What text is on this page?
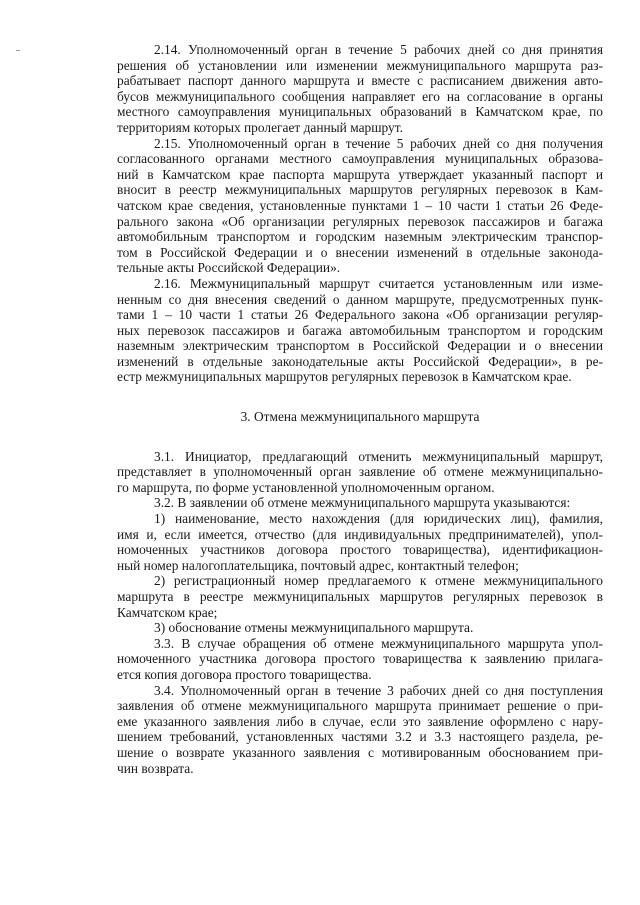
2.14. Уполномоченный орган в течение 5 рабочих дней со дня принятия
решения об установлении или изменении межмуниципального маршрута раз-
рабатывает паспорт данного маршрута и вместе с расписанием движения авто-
бусов межмуниципального сообщения направляет его на согласование в органы
местного самоуправления муниципальных образований в Камчатском крае, по
территориям которых пролегает данный маршрут.
2.15. Уполномоченный орган в течение 5 рабочих дней со дня получения
согласованного органами местного самоуправления муниципальных образова-
ний в Камчатском крае паспорта маршрута утверждает указанный паспорт и
вносит в реестр межмуниципальных маршрутов регулярных перевозок в Кам-
чатском крае сведения, установленные пунктами 1 – 10 части 1 статьи 26 Феде-
рального закона «Об организации регулярных перевозок пассажиров и багажа
автомобильным транспортом и городским наземным электрическим транспор-
том в Российской Федерации и о внесении изменений в отдельные законода-
тельные акты Российской Федерации».
2.16. Межмуниципальный маршрут считается установленным или изме-
ненным со дня внесения сведений о данном маршруте, предусмотренных пунк-
тами 1 – 10 части 1 статьи 26 Федерального закона «Об организации регуляр-
ных перевозок пассажиров и багажа автомобильным транспортом и городским
наземным электрическим транспортом в Российской Федерации и о внесении
изменений в отдельные законодательные акты Российской Федерации», в ре-
естр межмуниципальных маршрутов регулярных перевозок в Камчатском крае.
3. Отмена межмуниципального маршрута
3.1. Инициатор, предлагающий отменить межмуниципальный маршрут,
представляет в уполномоченный орган заявление об отмене межмуниципально-
го маршрута, по форме установленной уполномоченным органом.
3.2. В заявлении об отмене межмуниципального маршрута указываются:
1) наименование, место нахождения (для юридических лиц), фамилия,
имя и, если имеется, отчество (для индивидуальных предпринимателей), упол-
номоченных участников договора простого товарищества), идентификацион-
ный номер налогоплательщика, почтовый адрес, контактный телефон;
2) регистрационный номер предлагаемого к отмене межмуниципального
маршрута в реестре межмуниципальных маршрутов регулярных перевозок в
Камчатском крае;
3) обоснование отмены межмуниципального маршрута.
3.3. В случае обращения об отмене межмуниципального маршрута упол-
номоченного участника договора простого товарищества к заявлению прилага-
ется копия договора простого товарищества.
3.4. Уполномоченный орган в течение 3 рабочих дней со дня поступления
заявления об отмене межмуниципального маршрута принимает решение о при-
еме указанного заявления либо в случае, если это заявление оформлено с нару-
шением требований, установленных частями 3.2 и 3.3 настоящего раздела, ре-
шение о возврате указанного заявления с мотивированным обоснованием при-
чин возврата.
